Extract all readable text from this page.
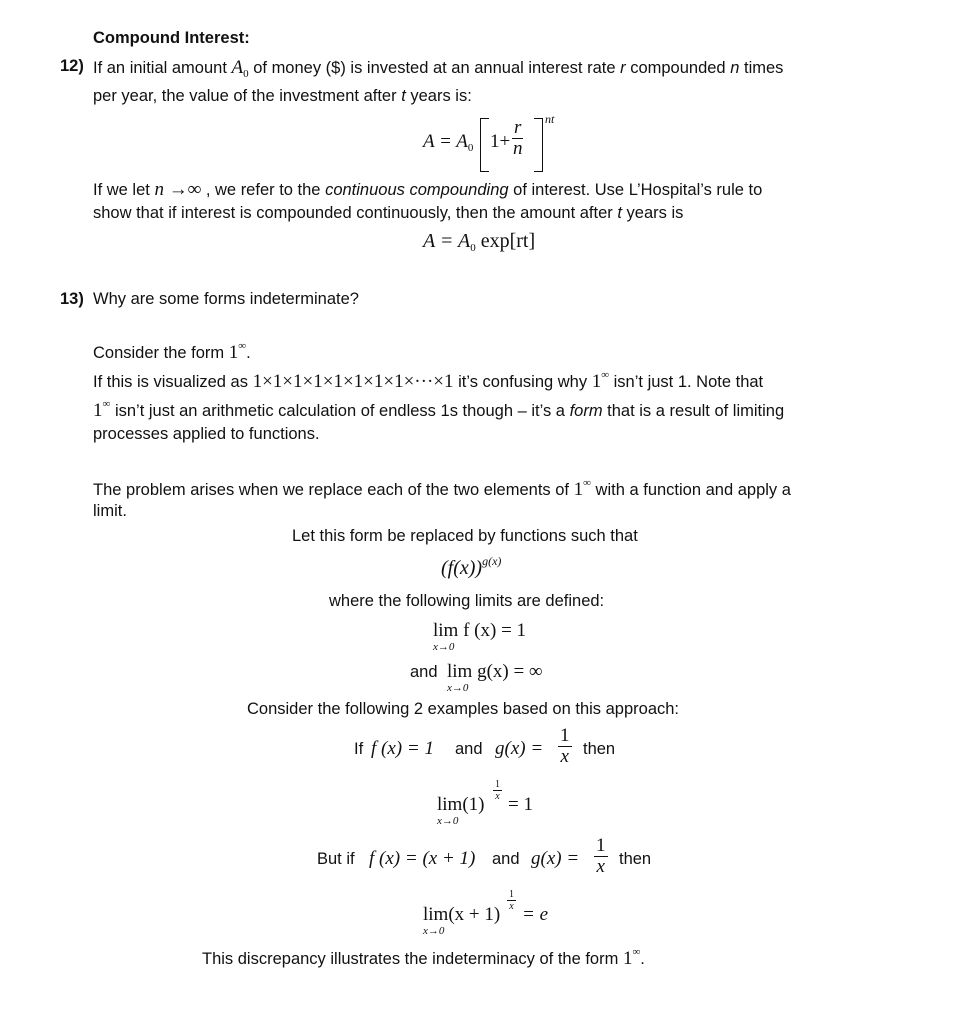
Compound Interest:
12) If an initial amount $A_0$ of money ($) is invested at an annual interest rate r compounded n times
per year, the value of the investment after t years is:
$A = A_0$ $1+ \frac{r}{n}$ nt
If we let n →∞ , we refer to the continuous compounding of interest. Use L’Hospital’s rule to
show that if interest is compounded continuously, then the amount after t years is
$A = A_0$ exp[rt]
13) Why are some forms indeterminate?
Consider the form 1∞.
If this is visualized as 1×1×1×1×1×1×1×1×···×1 it’s confusing why 1∞ isn’t just 1. Note that
1∞ isn’t just an arithmetic calculation of endless 1s though – it’s a form that is a result of limiting
processes applied to functions.
The problem arises when we replace each of the two elements of 1∞ with a function and apply a
limit.
Let this form be replaced by functions such that
$(f(x))^{g(x)}$
where the following limits are defined:
lim f (x) = 1
x→0
and lim g(x) = ∞
x→0
Consider the following 2 examples based on this approach:
If f (x) = 1 and $g(x) = \frac{1}{x}$ then
lim(1)
$\frac{1}{x}$
= 1
x→0
But if f (x) = (x + 1) and $g(x) = \frac{1}{x}$ then
lim(x + 1)
$\frac{1}{x}$
= e
x→0
This discrepancy illustrates the indeterminacy of the form 1∞.
